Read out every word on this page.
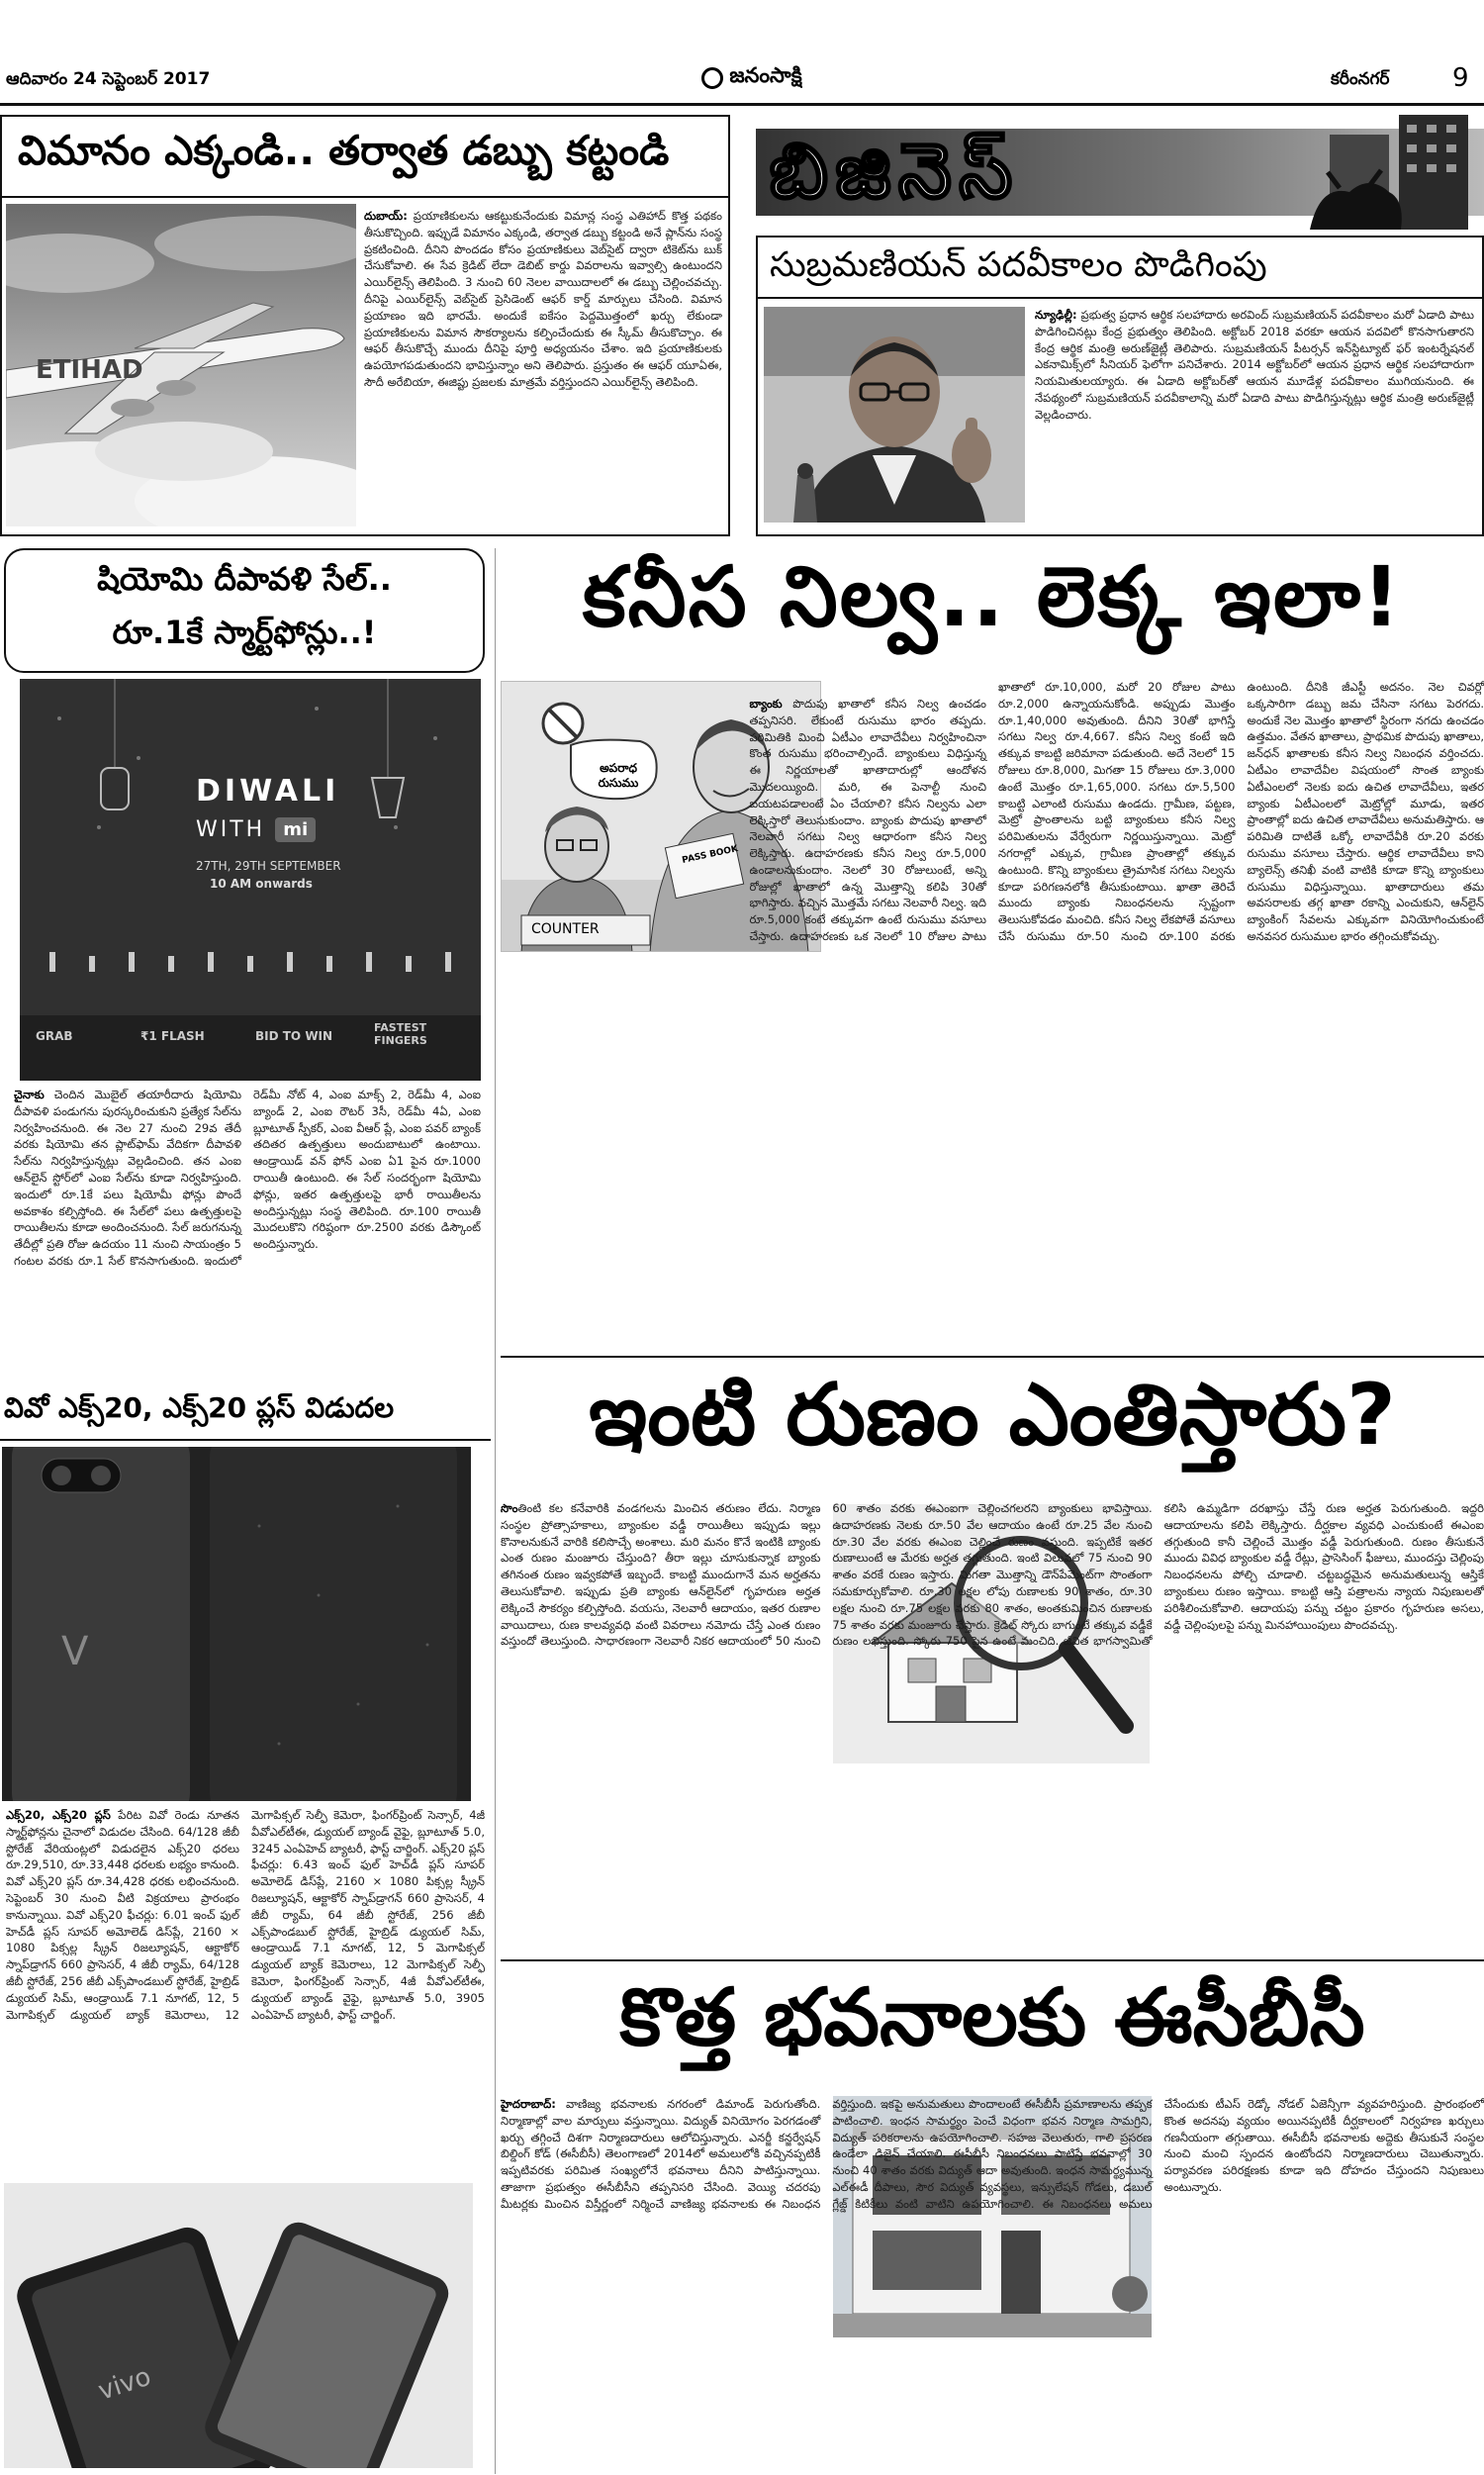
ఆదివారం 24 సెప్టెంబర్ 2017	జనంసాక్షి	కరీంనగర్ 9
విమానం ఎక్కండి.. తర్వాత డబ్బు కట్టండి
ETIHAD
దుబాయ్: ప్రయాణికులను ఆకట్టుకునేందుకు విమాన్ల సంస్థ ఎతిహాద్ కొత్త పథకం తీసుకొచ్చింది. ఇప్పుడే విమానం ఎక్కండి, తర్వాత డబ్బు కట్టండి అనే ప్లాన్‌ను సంస్థ ప్రకటించింది. దీనిని పొందడం కోసం ప్రయాణికులు వెబ్‌సైట్ ద్వారా టికెట్‌ను బుక్ చేసుకోవాలి. ఈ సేవ క్రెడిట్ లేదా డెబిట్ కార్డు వివరాలను ఇవ్వాల్సి ఉంటుందని ఎయిర్‌లైన్స్ తెలిపింది. 3 నుంచి 60 నెలల వాయిదాలలో ఈ డబ్బు చెల్లించవచ్చు. దీనిపై ఎయిర్‌లైన్స్ వెబ్‌సైట్ ప్రెసిడెంట్ ఆఫర్ కార్డ్ మార్పులు చేసింది. విమాన ప్రయాణం ఇది భారమే. అందుకే ఐకేసం పెద్దమొత్తంలో ఖర్చు లేకుండా ప్రయాణికులను విమాన సౌకర్యాలను కల్పించేందుకు ఈ స్కీమ్ తీసుకొచ్చాం. ఈ ఆఫర్ తీసుకొచ్చే ముందు దీనిపై పూర్తి అధ్యయనం చేశాం. ఇది ప్రయాణికులకు ఉపయోగపడుతుందని భావిస్తున్నాం అని తెలిపారు. ప్రస్తుతం ఈ ఆఫర్ యూఏఈ, సౌదీ అరేబియా, ఈజిప్టు ప్రజలకు మాత్రమే వర్తిస్తుందని ఎయిర్‌లైన్స్ తెలిపింది.
బిజినెస్
సుబ్రమణియన్ పదవీకాలం పొడిగింపు
న్యూఢిల్లీ: ప్రభుత్వ ప్రధాన ఆర్థిక సలహాదారు అరవింద్ సుబ్రమణియన్ పదవీకాలం మరో ఏడాది పాటు పొడిగించినట్లు కేంద్ర ప్రభుత్వం తెలిపింది. అక్టోబర్ 2018 వరకూ ఆయన పదవిలో కొనసాగుతారని కేంద్ర ఆర్థిక మంత్రి అరుణ్‌జైట్లీ తెలిపారు. సుబ్రమణియన్ పీటర్సన్ ఇన్‌స్టిట్యూట్ ఫర్ ఇంటర్నేషనల్ ఎకనామిక్స్‌లో సీనియర్ ఫెలోగా పనిచేశారు. 2014 అక్టోబర్‌లో ఆయన ప్రధాన ఆర్థిక సలహాదారుగా నియమితులయ్యారు. ఈ ఏడాది అక్టోబర్‌తో ఆయన మూడేళ్ల పదవీకాలం ముగియనుంది. ఈ నేపథ్యంలో సుబ్రమణియన్ పదవీకాలాన్ని మరో ఏడాది పాటు పొడిగిస్తున్నట్లు ఆర్థిక మంత్రి అరుణ్‌జైట్లీ వెల్లడించారు.
షియోమి దీపావళి సేల్..
రూ.1కే స్మార్ట్‌ఫోన్లు..!
DIWALI
WITH	mi
27TH, 29TH SEPTEMBER
10 AM onwards
GRAB	₹1 FLASH	BID TO WIN
FASTEST FINGERS
చైనాకు చెందిన మొబైల్ తయారీదారు షియోమి దీపావళి పండుగను పురస్కరించుకుని ప్రత్యేక సేల్‌ను నిర్వహించనుంది. ఈ నెల 27 నుంచి 29వ తేదీ వరకు షియోమి తన ప్లాట్‌ఫామ్ వేదికగా దీపావళి సేల్‌ను నిర్వహిస్తున్నట్లు వెల్లడించింది. తన ఎంఐ ఆన్‌లైన్ స్టోర్‌లో ఎంఐ సేల్‌ను కూడా నిర్వహిస్తుంది. ఇందులో రూ.1కే పలు షియోమీ ఫోన్లు పొందే అవకాశం కల్పిస్తోంది. ఈ సేల్‌లో పలు ఉత్పత్తులపై రాయితీలను కూడా అందించనుంది. సేల్ జరుగనున్న తేదీల్లో ప్రతి రోజు ఉదయం 11 నుంచి సాయంత్రం 5 గంటల వరకు రూ.1 సేల్ కొనసాగుతుంది. ఇందులో రెడ్‌మీ నోట్ 4, ఎంఐ మాక్స్ 2, రెడ్‌మీ 4, ఎంఐ బ్యాండ్ 2, ఎంఐ రౌటర్ 3సీ, రెడ్‌మీ 4ఏ, ఎంఐ బ్లూటూత్ స్పీకర్, ఎంఐ వీఆర్ ప్లే, ఎంఐ పవర్ బ్యాంక్ తదితర ఉత్పత్తులు అందుబాటులో ఉంటాయి. ఆండ్రాయిడ్ వన్ ఫోన్ ఎంఐ ఏ1 పైన రూ.1000 రాయితీ ఉంటుంది. ఈ సేల్ సందర్భంగా షియోమి ఫోన్లు, ఇతర ఉత్పత్తులపై భారీ రాయితీలను అందిస్తున్నట్లు సంస్థ తెలిపింది. రూ.100 రాయితీ మొదలుకొని గరిష్ఠంగా రూ.2500 వరకు డిస్కౌంట్ అందిస్తున్నారు.
వివో ఎక్స్20, ఎక్స్20 ప్లస్ విడుదల
V
ఎక్స్20, ఎక్స్20 ప్లస్ పేరిట వివో రెండు నూతన స్మార్ట్‌ఫోన్లను చైనాలో విడుదల చేసింది. 64/128 జీబీ స్టోరేజ్ వేరియంట్లలో విడుదలైన ఎక్స్20 ధరలు రూ.29,510, రూ.33,448 ధరలకు లభ్యం కానుంది. వివో ఎక్స్20 ప్లస్ రూ.34,428 ధరకు లభించనుంది. సెప్టెంబర్ 30 నుంచి వీటి విక్రయాలు ప్రారంభం కానున్నాయి. వివో ఎక్స్20 ఫీచర్లు: 6.01 ఇంచ్ ఫుల్ హెచ్‌డీ ప్లస్ సూపర్ అమోలెడ్ డిస్‌ప్లే, 2160 × 1080 పిక్సల్ల స్క్రీన్ రిజల్యూషన్, ఆక్టాకోర్ స్నాప్‌డ్రాగన్ 660 ప్రాసెసర్, 4 జీబీ ర్యామ్, 64/128 జీబీ స్టోరేజ్, 256 జీబీ ఎక్స్‌పాండబుల్ స్టోరేజ్, హైబ్రిడ్ డ్యుయల్ సిమ్, ఆండ్రాయిడ్ 7.1 నూగట్, 12, 5 మెగాపిక్సల్ డ్యుయల్ బ్యాక్ కెమెరాలు, 12 మెగాపిక్సల్ సెల్ఫీ కెమెరా, ఫింగర్‌ప్రింట్ సెన్సార్, 4జీ వీవోఎల్‌టీఈ, డ్యుయల్ బ్యాండ్ వైఫై, బ్లూటూత్ 5.0, 3245 ఎంఏహెచ్ బ్యాటరీ, ఫాస్ట్ చార్జింగ్. ఎక్స్20 ప్లస్ ఫీచర్లు: 6.43 ఇంచ్ ఫుల్ హెచ్‌డీ ప్లస్ సూపర్ అమోలెడ్ డిస్‌ప్లే, 2160 × 1080 పిక్సల్ల స్క్రీన్ రిజల్యూషన్, ఆక్టాకోర్ స్నాప్‌డ్రాగన్ 660 ప్రాసెసర్, 4 జీబీ ర్యామ్, 64 జీబీ స్టోరేజ్, 256 జీబీ ఎక్స్‌పాండబుల్ స్టోరేజ్, హైబ్రిడ్ డ్యుయల్ సిమ్, ఆండ్రాయిడ్ 7.1 నూగట్, 12, 5 మెగాపిక్సల్ డ్యుయల్ బ్యాక్ కెమెరాలు, 12 మెగాపిక్సల్ సెల్ఫీ కెమెరా, ఫింగర్‌ప్రింట్ సెన్సార్, 4జీ వీవోఎల్‌టీఈ, డ్యుయల్ బ్యాండ్ వైఫై, బ్లూటూత్ 5.0, 3905 ఎంఏహెచ్ బ్యాటరీ, ఫాస్ట్ చార్జింగ్.
vivo
కనీస నిల్వ.. లెక్క ఇలా!
అపరాధ రుసుము
PASS BOOK
COUNTER
బ్యాంకు పొదుపు ఖాతాలో కనీస నిల్వ ఉంచడం తప్పనిసరి. లేకుంటే రుసుము భారం తప్పదు. పరిమితికి మించి ఏటీఎం లావాదేవీలు నిర్వహించినా కొంత రుసుము భరించాల్సిందే. బ్యాంకులు విధిస్తున్న ఈ నిర్ణయాలతో ఖాతాదారుల్లో ఆందోళన మొదలయ్యింది. మరి, ఈ పెనాల్టీ నుంచి బయటపడాలంటే ఏం చేయాలి? కనీస నిల్వను ఎలా లెక్కిస్తారో తెలుసుకుందాం. బ్యాంకు పొదుపు ఖాతాలో నెలవారీ సగటు నిల్వ ఆధారంగా కనీస నిల్వ లెక్కిస్తారు. ఉదాహరణకు కనీస నిల్వ రూ.5,000 ఉండాలనుకుందాం. నెలలో 30 రోజులుంటే, అన్ని రోజుల్లో ఖాతాలో ఉన్న మొత్తాన్ని కలిపి 30తో భాగిస్తారు. వచ్చిన మొత్తమే సగటు నెలవారీ నిల్వ. ఇది రూ.5,000 కంటే తక్కువగా ఉంటే రుసుము వసూలు చేస్తారు. ఉదాహరణకు ఒక నెలలో 10 రోజుల పాటు ఖాతాలో రూ.10,000, మరో 20 రోజుల పాటు రూ.2,000 ఉన్నాయనుకోండి. అప్పుడు మొత్తం రూ.1,40,000 అవుతుంది. దీనిని 30తో భాగిస్తే సగటు నిల్వ రూ.4,667. కనీస నిల్వ కంటే ఇది తక్కువ కాబట్టి జరిమానా పడుతుంది. అదే నెలలో 15 రోజులు రూ.8,000, మిగతా 15 రోజులు రూ.3,000 ఉంటే మొత్తం రూ.1,65,000. సగటు రూ.5,500 కాబట్టి ఎలాంటి రుసుము ఉండదు. గ్రామీణ, పట్టణ, మెట్రో ప్రాంతాలను బట్టి బ్యాంకులు కనీస నిల్వ పరిమితులను వేర్వేరుగా నిర్ణయిస్తున్నాయి. మెట్రో నగరాల్లో ఎక్కువ, గ్రామీణ ప్రాంతాల్లో తక్కువ ఉంటుంది. కొన్ని బ్యాంకులు త్రైమాసిక సగటు నిల్వను కూడా పరిగణనలోకి తీసుకుంటాయి. ఖాతా తెరిచే ముందు బ్యాంకు నిబంధనలను స్పష్టంగా తెలుసుకోవడం మంచిది. కనీస నిల్వ లేకపోతే వసూలు చేసే రుసుము రూ.50 నుంచి రూ.100 వరకు ఉంటుంది. దీనికి జీఎస్టీ అదనం. నెల చివర్లో ఒక్కసారిగా డబ్బు జమ చేసినా సగటు పెరగదు. అందుకే నెల మొత్తం ఖాతాలో స్థిరంగా నగదు ఉంచడం ఉత్తమం. వేతన ఖాతాలు, ప్రాథమిక పొదుపు ఖాతాలు, జన్‌ధన్ ఖాతాలకు కనీస నిల్వ నిబంధన వర్తించదు. ఏటీఎం లావాదేవీల విషయంలో సొంత బ్యాంకు ఏటీఎంలలో నెలకు ఐదు ఉచిత లావాదేవీలు, ఇతర బ్యాంకు ఏటీఎంలలో మెట్రోల్లో మూడు, ఇతర ప్రాంతాల్లో ఐదు ఉచిత లావాదేవీలు అనుమతిస్తారు. ఆ పరిమితి దాటితే ఒక్కో లావాదేవీకి రూ.20 వరకు రుసుము వసూలు చేస్తారు. ఆర్థిక లావాదేవీలు కాని బ్యాలెన్స్ తనిఖీ వంటి వాటికి కూడా కొన్ని బ్యాంకులు రుసుము విధిస్తున్నాయి. ఖాతాదారులు తమ అవసరాలకు తగ్గ ఖాతా రకాన్ని ఎంచుకుని, ఆన్‌లైన్ బ్యాంకింగ్ సేవలను ఎక్కువగా వినియోగించుకుంటే అనవసర రుసుముల భారం తగ్గించుకోవచ్చు.
ఇంటి రుణం ఎంతిస్తారు?
సొంతింటి కల కనేవారికి వండగలను మించిన తరుణం లేదు. నిర్మాణ సంస్థల ప్రోత్సాహకాలు, బ్యాంకుల వడ్డీ రాయితీలు ఇప్పుడు ఇల్లు కొనాలనుకునే వారికి కలిసొచ్చే అంశాలు. మరి మనం కొనే ఇంటికి బ్యాంకు ఎంత రుణం మంజూరు చేస్తుంది? తీరా ఇల్లు చూసుకున్నాక బ్యాంకు తగినంత రుణం ఇవ్వకపోతే ఇబ్బందే. కాబట్టి ముందుగానే మన అర్హతను తెలుసుకోవాలి. ఇప్పుడు ప్రతి బ్యాంకు ఆన్‌లైన్‌లో గృహరుణ అర్హత లెక్కించే సౌకర్యం కల్పిస్తోంది. వయసు, నెలవారీ ఆదాయం, ఇతర రుణాల వాయిదాలు, రుణ కాలవ్యవధి వంటి వివరాలు నమోదు చేస్తే ఎంత రుణం వస్తుందో తెలుస్తుంది. సాధారణంగా నెలవారీ నికర ఆదాయంలో 50 నుంచి 60 శాతం వరకు ఈఎంఐగా చెల్లించగలరని బ్యాంకులు భావిస్తాయి. ఉదాహరణకు నెలకు రూ.50 వేల ఆదాయం ఉంటే రూ.25 వేల నుంచి రూ.30 వేల వరకు ఈఎంఐ చెల్లించే రుణం వస్తుంది. ఇప్పటికే ఇతర రుణాలుంటే ఆ మేరకు అర్హత తగ్గుతుంది. ఇంటి విలువలో 75 నుంచి 90 శాతం వరకే రుణం ఇస్తారు. మిగతా మొత్తాన్ని డౌన్‌పేమెంట్‌గా సొంతంగా సమకూర్చుకోవాలి. రూ.30 లక్షల లోపు రుణాలకు 90 శాతం, రూ.30 లక్షల నుంచి రూ.75 లక్షల వరకు 80 శాతం, అంతకుమించిన రుణాలకు 75 శాతం వరకు మంజూరు చేస్తారు. క్రెడిట్ స్కోరు బాగుంటే తక్కువ వడ్డీకే రుణం లభిస్తుంది. స్కోరు 750 పైన ఉంటే మంచిది. జీవిత భాగస్వామితో కలిసి ఉమ్మడిగా దరఖాస్తు చేస్తే రుణ అర్హత పెరుగుతుంది. ఇద్దరి ఆదాయాలను కలిపి లెక్కిస్తారు. దీర్ఘకాల వ్యవధి ఎంచుకుంటే ఈఎంఐ తగ్గుతుంది కానీ చెల్లించే మొత్తం వడ్డీ పెరుగుతుంది. రుణం తీసుకునే ముందు వివిధ బ్యాంకుల వడ్డీ రేట్లు, ప్రాసెసింగ్ ఫీజులు, ముందస్తు చెల్లింపు నిబంధనలను పోల్చి చూడాలి. చట్టబద్ధమైన అనుమతులున్న ఆస్తికే బ్యాంకులు రుణం ఇస్తాయి. కాబట్టి ఆస్తి పత్రాలను న్యాయ నిపుణులతో పరిశీలించుకోవాలి. ఆదాయపు పన్ను చట్టం ప్రకారం గృహరుణ అసలు, వడ్డీ చెల్లింపులపై పన్ను మినహాయింపులు పొందవచ్చు.
కొత్త భవనాలకు ఈసీబీసీ
హైదరాబాద్: వాణిజ్య భవనాలకు నగరంలో డిమాండ్ పెరుగుతోంది. నిర్మాణాల్లో వాల మార్పులు వస్తున్నాయి. విద్యుత్ వినియోగం పెరగడంతో ఖర్చు తగ్గించే దిశగా నిర్మాణదారులు ఆలోచిస్తున్నారు. ఎనర్జీ కన్జర్వేషన్ బిల్డింగ్ కోడ్ (ఈసీబీసీ) తెలంగాణలో 2014లో అమలులోకి వచ్చినప్పటికీ ఇప్పటివరకు పరిమిత సంఖ్యలోనే భవనాలు దీనిని పాటిస్తున్నాయి. తాజాగా ప్రభుత్వం ఈసీబీసీని తప్పనిసరి చేసింది. వెయ్యి చదరపు మీటర్లకు మించిన విస్తీర్ణంలో నిర్మించే వాణిజ్య భవనాలకు ఈ నిబంధన వర్తిస్తుంది. ఇకపై అనుమతులు పొందాలంటే ఈసీబీసీ ప్రమాణాలను తప్పక పాటించాలి. ఇంధన సామర్థ్యం పెంచే విధంగా భవన నిర్మాణ సామగ్రిని, విద్యుత్ పరికరాలను ఉపయోగించాలి. సహజ వెలుతురు, గాలి ప్రసరణ ఉండేలా డిజైన్ చేయాలి. ఈసీబీసీ నిబంధనలు పాటిస్తే భవనాల్లో 30 నుంచి 40 శాతం వరకు విద్యుత్ ఆదా అవుతుంది. ఇంధన సామర్థ్యమున్న ఎల్‌ఈడీ దీపాలు, సౌర విద్యుత్ వ్యవస్థలు, ఇన్సులేషన్ గోడలు, డబుల్ గ్లేజ్డ్ కిటికీలు వంటి వాటిని ఉపయోగించాలి. ఈ నిబంధనలు అమలు చేసేందుకు టీఎస్ రెడ్కో నోడల్ ఏజెన్సీగా వ్యవహరిస్తుంది. ప్రారంభంలో కొంత అదనపు వ్యయం అయినప్పటికీ దీర్ఘకాలంలో నిర్వహణ ఖర్చులు గణనీయంగా తగ్గుతాయి. ఈసీబీసీ భవనాలకు అద్దెకు తీసుకునే సంస్థల నుంచి మంచి స్పందన ఉంటోందని నిర్మాణదారులు చెబుతున్నారు. పర్యావరణ పరిరక్షణకు కూడా ఇది దోహదం చేస్తుందని నిపుణులు అంటున్నారు.
